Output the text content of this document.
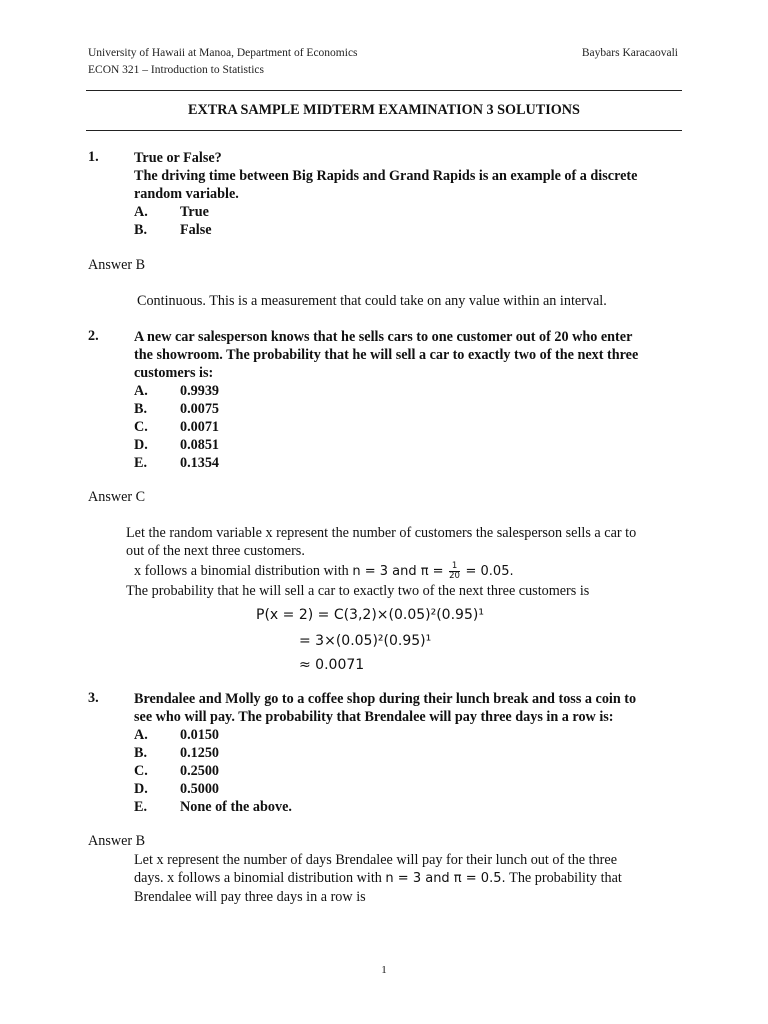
University of Hawaii at Manoa, Department of Economics
ECON 321 – Introduction to Statistics
Baybars Karacaovali
EXTRA SAMPLE MIDTERM EXAMINATION 3 SOLUTIONS
1. True or False?
The driving time between Big Rapids and Grand Rapids is an example of a discrete
random variable.
A.	True
B.	False
Answer B
Continuous. This is a measurement that could take on any value within an interval.
2. A new car salesperson knows that he sells cars to one customer out of 20 who enter
the showroom. The probability that he will sell a car to exactly two of the next three
customers is:
A.	0.9939
B.	0.0075
C.	0.0071
D.	0.0851
E.	0.1354
Answer C
Let the random variable x represent the number of customers the salesperson sells a car to
out of the next three customers.
x follows a binomial distribution with n = 3 and $\pi = \frac{1}{20} = 0.05$.
The probability that he will sell a car to exactly two of the next three customers is
P(x = 2) = C(3,2)×(0.05)²(0.95)¹
= 3×(0.05)²(0.95)¹
≈ 0.0071
3. Brendalee and Molly go to a coffee shop during their lunch break and toss a coin to
see who will pay. The probability that Brendalee will pay three days in a row is:
A.	0.0150
B.	0.1250
C.	0.2500
D.	0.5000
E.	None of the above.
Answer B
Let x represent the number of days Brendalee will pay for their lunch out of the three
days. x follows a binomial distribution with n = 3 and π = 0.5. The probability that
Brendalee will pay three days in a row is
1
